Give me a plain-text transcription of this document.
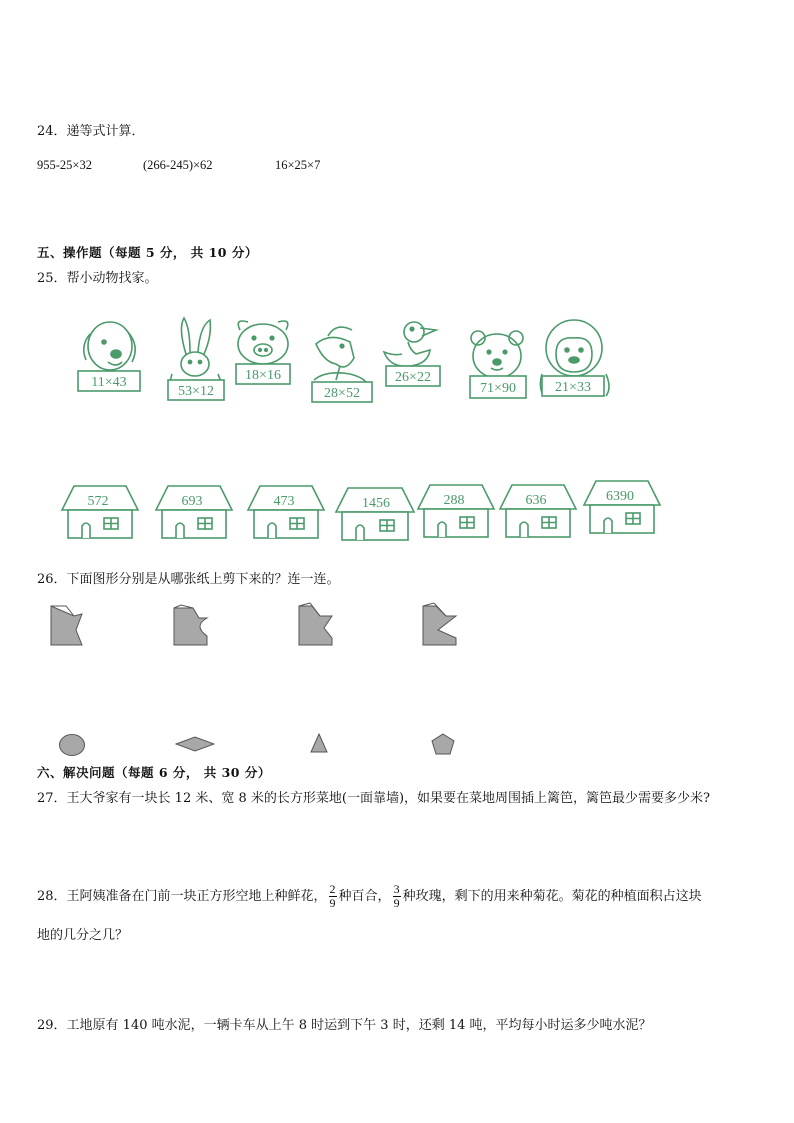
24．递等式计算．
955-25×32	(266-245)×62	16×25×7
五、操作题（每题 5 分， 共 10 分）
25．帮小动物找家。
11×43
53×12
18×16
28×52
26×22
71×90	21×33
572	693	473	1456	288	636	6390
26．下面图形分别是从哪张纸上剪下来的？连一连。
六、解决问题（每题 6 分， 共 30 分）
27．王大爷家有一块长 12 米、宽 8 米的长方形菜地(一面靠墙)，如果要在菜地周围插上篱笆，篱笆最少需要多少米?
28．王阿姨准备在门前一块正方形空地上种鲜花， $\frac{2}{9}$ 种百合， $\frac{3}{9}$ 种玫瑰，剩下的用来种菊花。菊花的种植面积占这块
地的几分之几？
29．工地原有 140 吨水泥，一辆卡车从上午 8 时运到下午 3 时，还剩 14 吨，平均每小时运多少吨水泥？
